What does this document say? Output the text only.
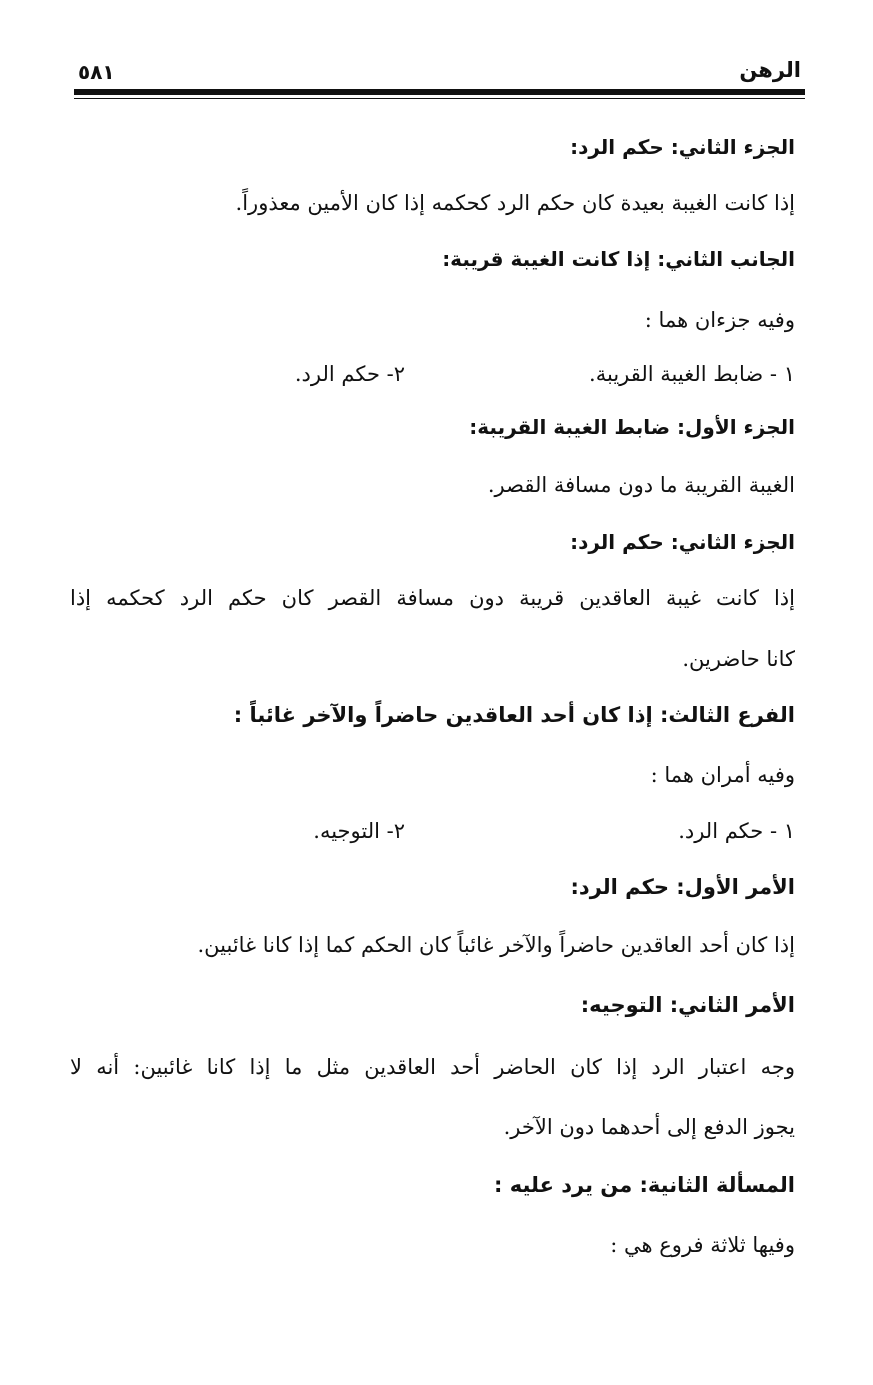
الرهن
٥٨١
الجزء الثاني: حكم الرد:
إذا كانت الغيبة بعيدة كان حكم الرد كحكمه إذا كان الأمين معذوراً.
الجانب الثاني: إذا كانت الغيبة قريبة:
وفيه جزءان هما :
١ - ضابط الغيبة القريبة.
٢- حكم الرد.
الجزء الأول: ضابط الغيبة القريبة:
الغيبة القريبة ما دون مسافة القصر.
الجزء الثاني: حكم الرد:
إذا كانت غيبة العاقدين قريبة دون مسافة القصر كان حكم الرد كحكمه إذا
كانا حاضرين.
الفرع الثالث: إذا كان أحد العاقدين حاضراً والآخر غائباً :
وفيه أمران هما :
١ - حكم الرد.
٢- التوجيه.
الأمر الأول: حكم الرد:
إذا كان أحد العاقدين حاضراً والآخر غائباً كان الحكم كما إذا كانا غائبين.
الأمر الثاني: التوجيه:
وجه اعتبار الرد إذا كان الحاضر أحد العاقدين مثل ما إذا كانا غائبين: أنه لا
يجوز الدفع إلى أحدهما دون الآخر.
المسألة الثانية: من يرد عليه :
وفيها ثلاثة فروع هي :
